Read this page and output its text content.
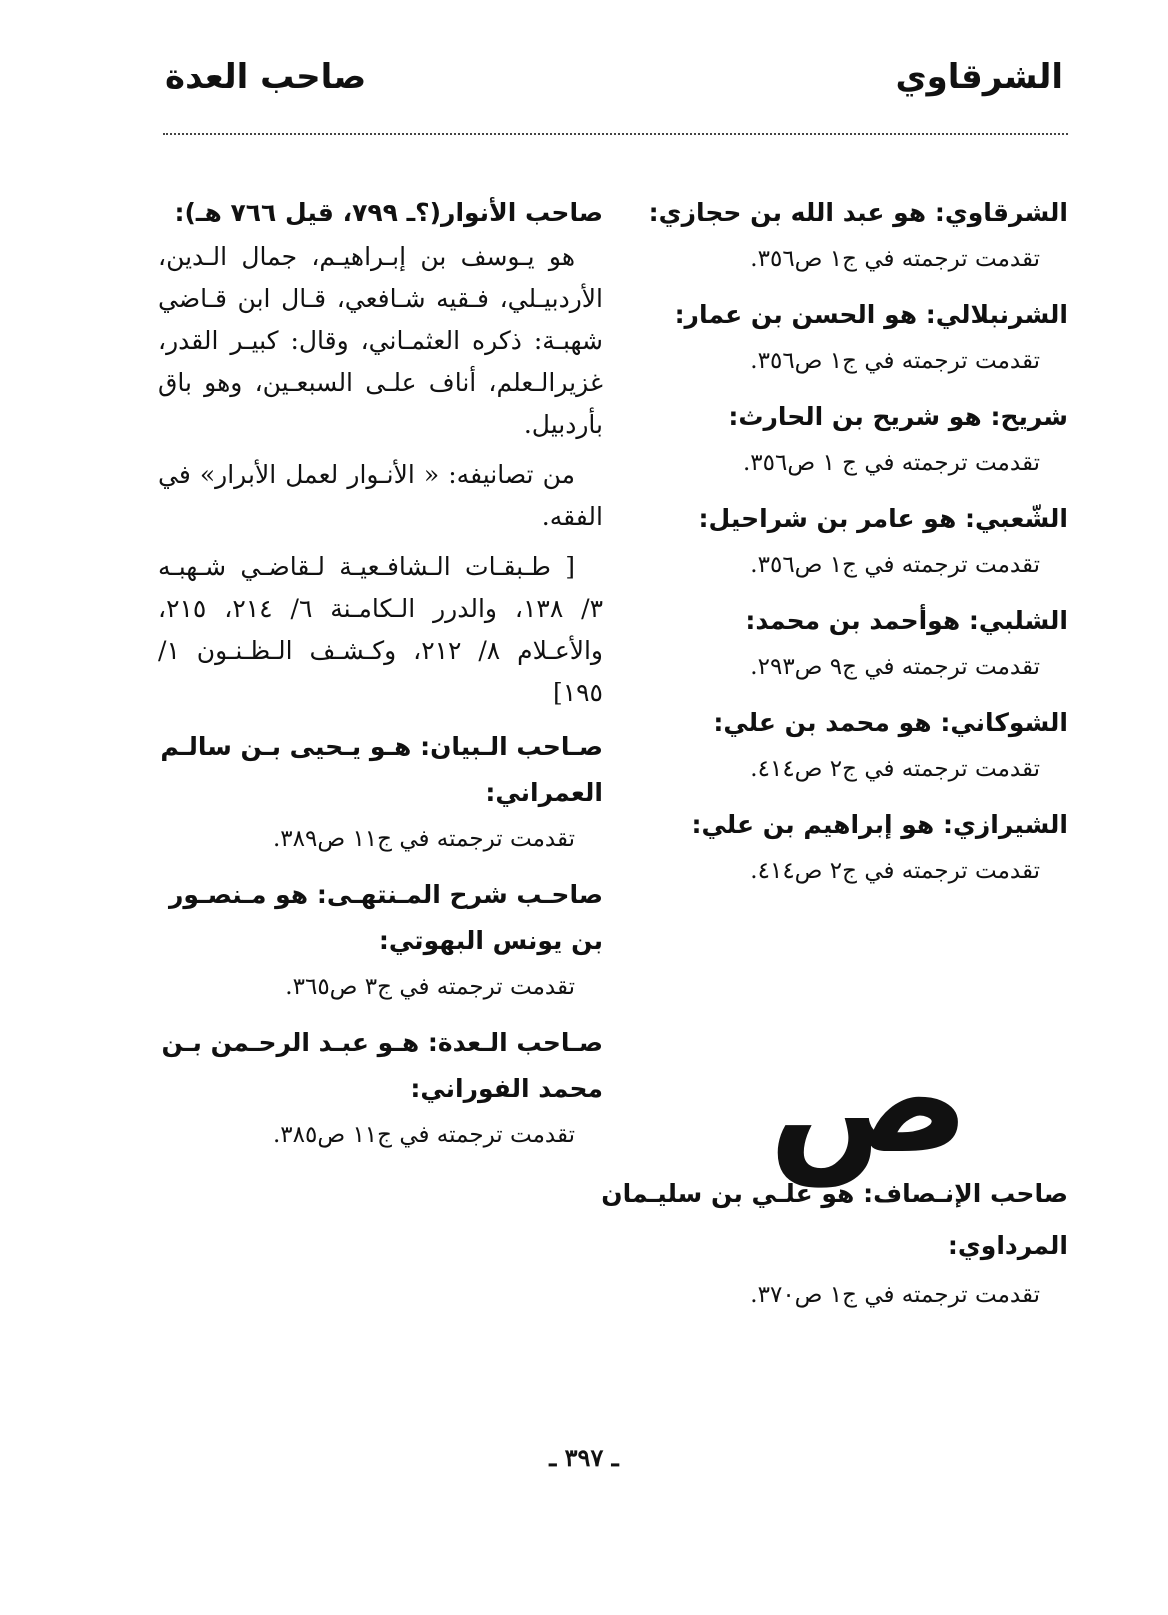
الشرقاوي
صاحب العدة
الشرقاوي: هو عبد الله بن حجازي:
تقدمت ترجمته في ج١ ص٣٥٦.
الشرنبلالي: هو الحسن بن عمار:
تقدمت ترجمته في ج١ ص٣٥٦.
شريح: هو شريح بن الحارث:
تقدمت ترجمته في ج ١ ص٣٥٦.
الشّعبي: هو عامر بن شراحيل:
تقدمت ترجمته في ج١ ص٣٥٦.
الشلبي: هوأحمد بن محمد:
تقدمت ترجمته في ج٩ ص٢٩٣.
الشوكاني: هو محمد بن علي:
تقدمت ترجمته في ج٢ ص٤١٤.
الشيرازي: هو إبراهيم بن علي:
تقدمت ترجمته في ج٢ ص٤١٤.
ص
صاحب الإنـصاف: هو علـي بن سليـمان المرداوي:
تقدمت ترجمته في ج١ ص٣٧٠.
صاحب الأنوار(؟ـ ٧٩٩، قيل ٧٦٦ هـ):

هو يـوسف بن إبـراهيـم، جمال الـدين، الأردبيـلي، فـقيه شـافعي، قـال ابن قـاضي شهبـة: ذكره العثمـاني، وقال: كبيـر القدر، غزيرالـعلم، أناف علـى السبعـين، وهو باق بأردبيل.

من تصانيفه: « الأنـوار لعمل الأبرار» في الفقه.

[ طـبقـات الـشافـعيـة لـقاضـي شـهبـه ٣/ ١٣٨، والدرر الـكامـنة ٦/ ٢١٤، ٢١٥، والأعـلام ٨/ ٢١٢، وكـشـف الـظـنـون ١/ ١٩٥]

صـاحب الـبيان: هـو يـحيى بـن سالـم العمراني:
تقدمت ترجمته في ج١١ ص٣٨٩.
صاحـب شرح المـنتهـى: هو مـنصـور بن يونس البهوتي:
تقدمت ترجمته في ج٣ ص٣٦٥.
صـاحب الـعدة: هـو عبـد الرحـمن بـن محمد الفوراني:
تقدمت ترجمته في ج١١ ص٣٨٥.
ـ ٣٩٧ ـ
